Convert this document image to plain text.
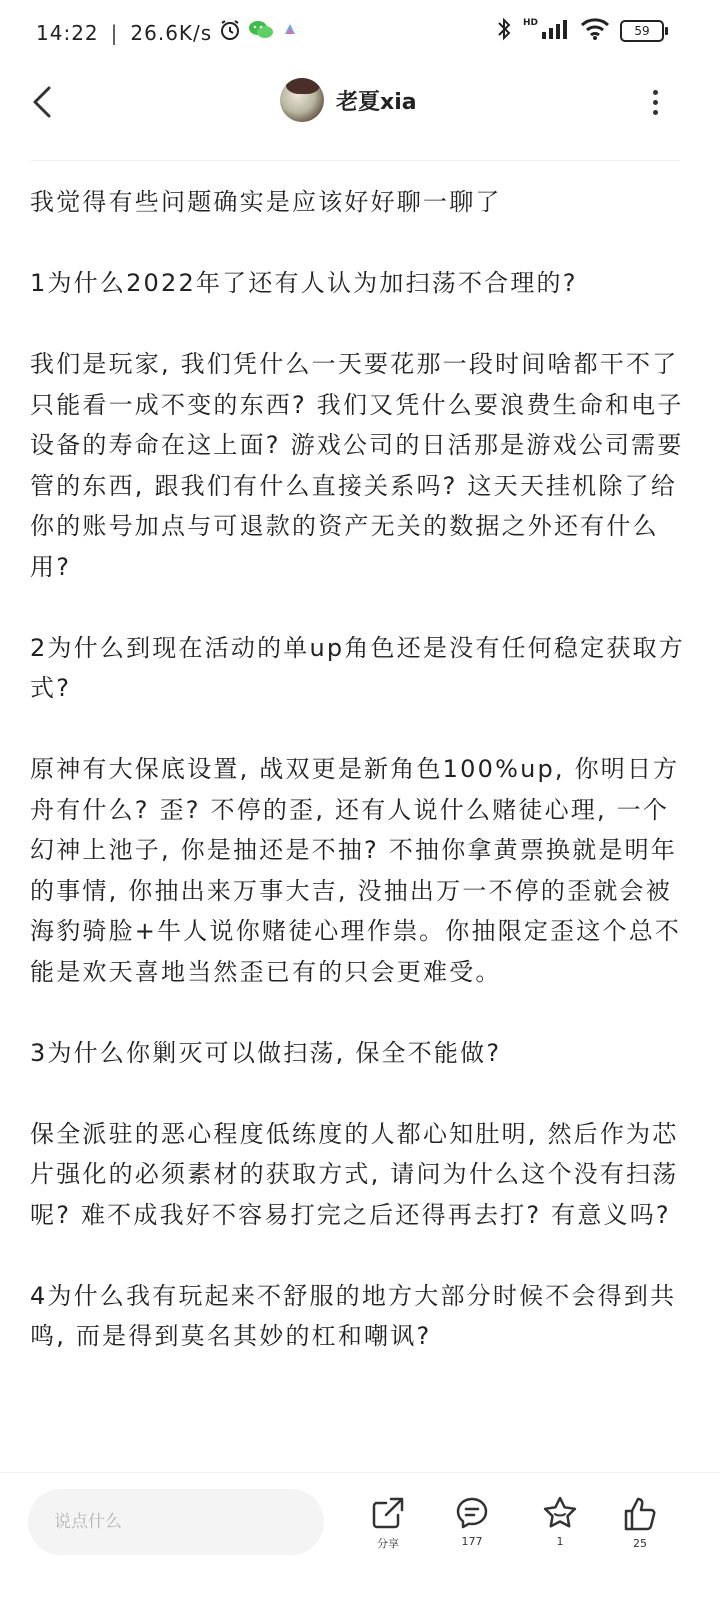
14:22 | 26.6K/s	HD
59
老夏xia

我觉得有些问题确实是应该好好聊一聊了

1为什么2022年了还有人认为加扫荡不合理的?

我们是玩家, 我们凭什么一天要花那一段时间啥都干不了只能看一成不变的东西? 我们又凭什么要浪费生命和电子设备的寿命在这上面? 游戏公司的日活那是游戏公司需要管的东西, 跟我们有什么直接关系吗? 这天天挂机除了给你的账号加点与可退款的资产无关的数据之外还有什么用?

2为什么到现在活动的单up角色还是没有任何稳定获取方式?

原神有大保底设置, 战双更是新角色100%up, 你明日方舟有什么? 歪? 不停的歪, 还有人说什么赌徒心理, 一个幻神上池子, 你是抽还是不抽? 不抽你拿黄票换就是明年的事情, 你抽出来万事大吉, 没抽出万一不停的歪就会被海豹骑脸+牛人说你赌徒心理作祟。你抽限定歪这个总不能是欢天喜地当然歪已有的只会更难受。

3为什么你剿灭可以做扫荡, 保全不能做?

保全派驻的恶心程度低练度的人都心知肚明, 然后作为芯片强化的必须素材的获取方式, 请问为什么这个没有扫荡呢? 难不成我好不容易打完之后还得再去打? 有意义吗?

4为什么我有玩起来不舒服的地方大部分时候不会得到共鸣, 而是得到莫名其妙的杠和嘲讽?

说点什么
分享	177	1	25
